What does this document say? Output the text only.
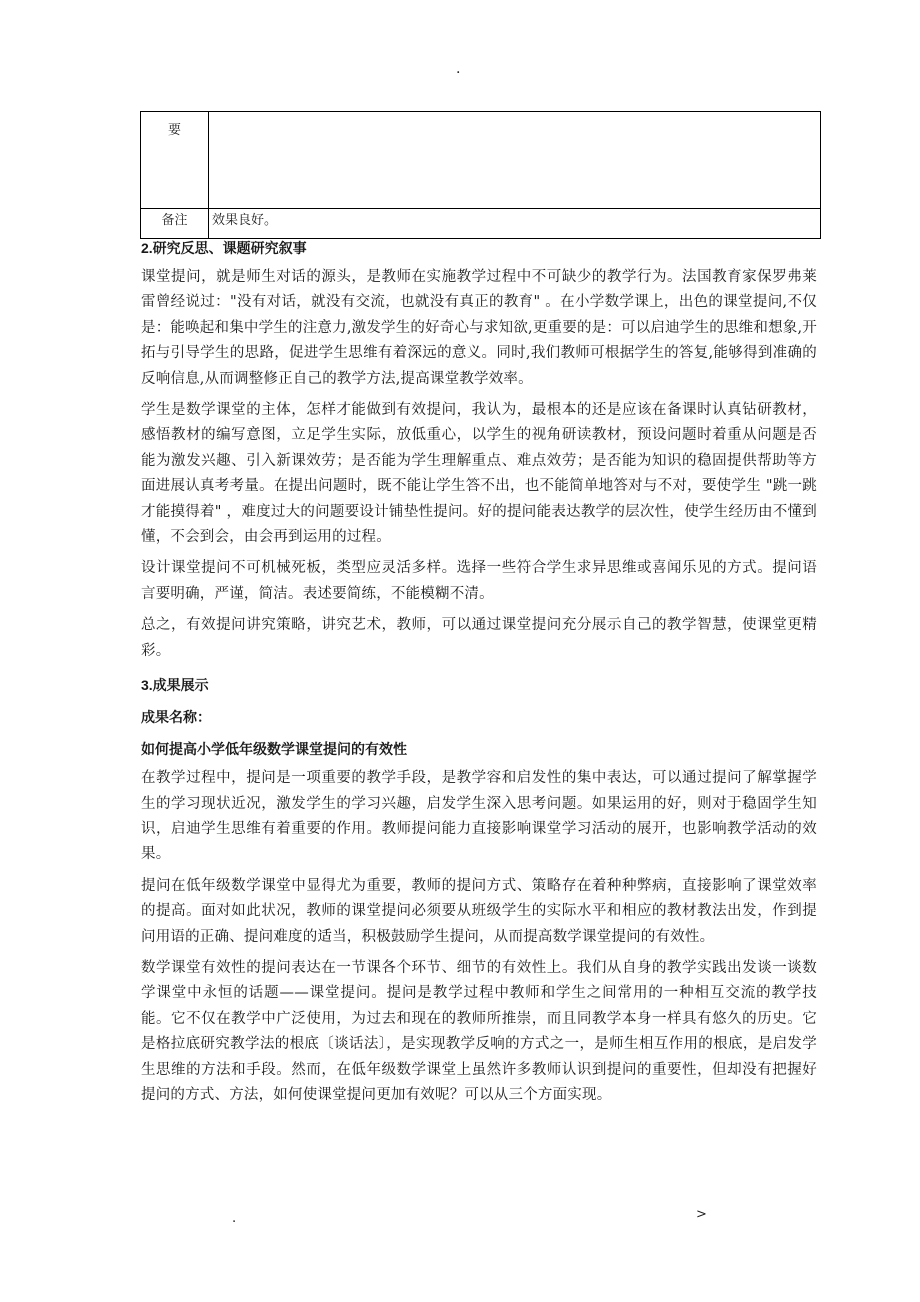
.
要	
备注	效果良好。
2.研究反思、课题研究叙事

课堂提问，就是师生对话的源头，是教师在实施教学过程中不可缺少的教学行为。法国教育家保罗弗莱雷曾经说过："没有对话，就没有交流，也就没有真正的教育" 。在小学数学课上，出色的课堂提问,不仅是：能唤起和集中学生的注意力,激发学生的好奇心与求知欲,更重要的是：可以启迪学生的思维和想象,开拓与引导学生的思路，促进学生思维有着深远的意义。同时,我们教师可根据学生的答复,能够得到准确的反响信息,从而调整修正自己的教学方法,提高课堂教学效率。

学生是数学课堂的主体，怎样才能做到有效提问，我认为，最根本的还是应该在备课时认真钻研教材，感悟教材的编写意图，立足学生实际，放低重心，以学生的视角研读教材，预设问题时着重从问题是否能为激发兴趣、引入新课效劳；是否能为学生理解重点、难点效劳；是否能为知识的稳固提供帮助等方面进展认真考考量。在提出问题时，既不能让学生答不出，也不能简单地答对与不对，要使学生 "跳一跳才能摸得着" ，难度过大的问题要设计铺垫性提问。好的提问能表达教学的层次性，使学生经历由不懂到懂，不会到会，由会再到运用的过程。

设计课堂提问不可机械死板，类型应灵活多样。选择一些符合学生求异思维或喜闻乐见的方式。提问语言要明确，严谨，简洁。表述要简练，不能模糊不清。

总之，有效提问讲究策略，讲究艺术，教师，可以通过课堂提问充分展示自己的教学智慧，使课堂更精彩。

3.成果展示
成果名称：
如何提高小学低年级数学课堂提问的有效性

在教学过程中，提问是一项重要的教学手段，是教学容和启发性的集中表达，可以通过提问了解掌握学生的学习现状近况，激发学生的学习兴趣，启发学生深入思考问题。如果运用的好，则对于稳固学生知识，启迪学生思维有着重要的作用。教师提问能力直接影响课堂学习活动的展开，也影响教学活动的效果。

提问在低年级数学课堂中显得尤为重要，教师的提问方式、策略存在着种种弊病，直接影响了课堂效率的提高。面对如此状况，教师的课堂提问必须要从班级学生的实际水平和相应的教材教法出发，作到提问用语的正确、提问难度的适当，积极鼓励学生提问，从而提高数学课堂提问的有效性。

数学课堂有效性的提问表达在一节课各个环节、细节的有效性上。我们从自身的教学实践出发谈一谈数学课堂中永恒的话题——课堂提问。提问是教学过程中教师和学生之间常用的一种相互交流的教学技能。它不仅在教学中广泛使用，为过去和现在的教师所推崇，而且同教学本身一样具有悠久的历史。它是格拉底研究教学法的根底〔谈话法〕，是实现教学反响的方式之一，是师生相互作用的根底，是启发学生思维的方法和手段。然而，在低年级数学课堂上虽然许多教师认识到提问的重要性，但却没有把握好提问的方式、方法，如何使课堂提问更加有效呢？可以从三个方面实现。

.	>
